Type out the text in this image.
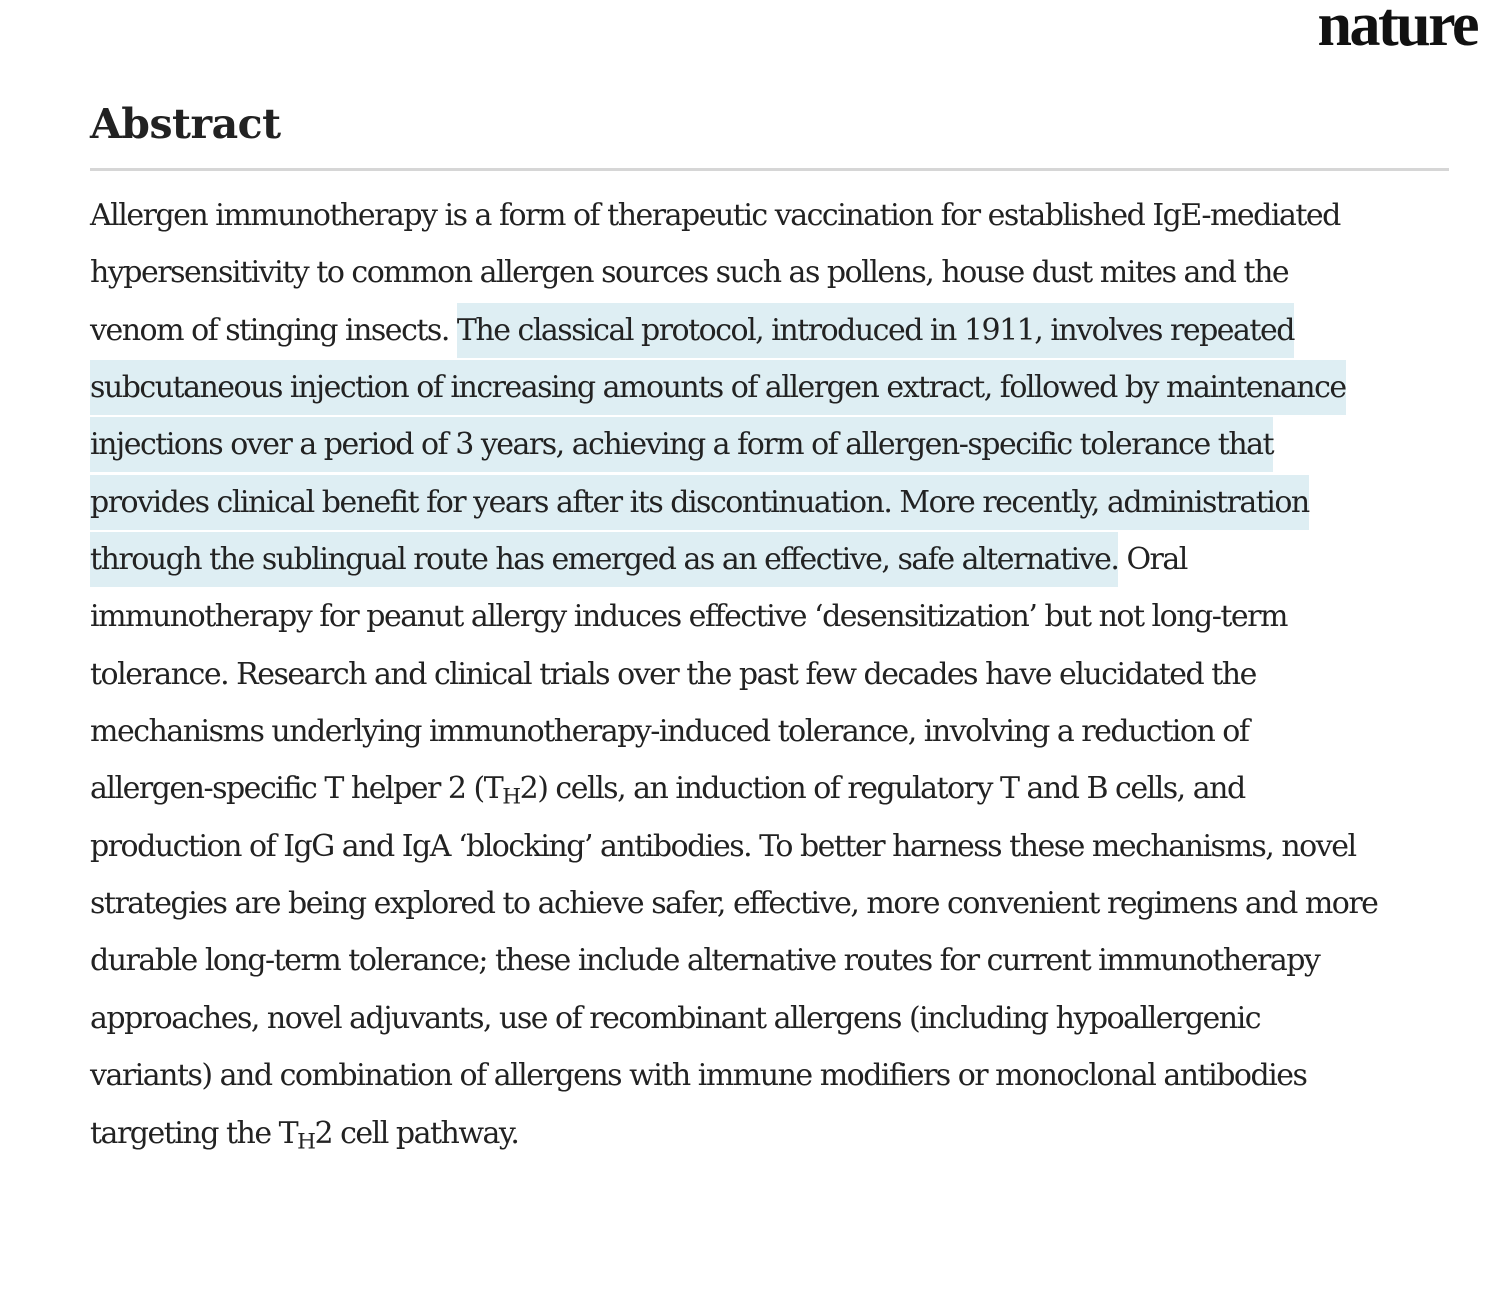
nature
Abstract

Allergen immunotherapy is a form of therapeutic vaccination for established IgE-mediated
hypersensitivity to common allergen sources such as pollens, house dust mites and the
venom of stinging insects. The classical protocol, introduced in 1911, involves repeated
subcutaneous injection of increasing amounts of allergen extract, followed by maintenance
injections over a period of 3 years, achieving a form of allergen-specific tolerance that
provides clinical benefit for years after its discontinuation. More recently, administration
through the sublingual route has emerged as an effective, safe alternative. Oral
immunotherapy for peanut allergy induces effective ‘desensitization’ but not long-term
tolerance. Research and clinical trials over the past few decades have elucidated the
mechanisms underlying immunotherapy-induced tolerance, involving a reduction of
allergen-specific T helper 2 $(T_H2)$ cells, an induction of regulatory T and B cells, and
production of IgG and IgA ‘blocking’ antibodies. To better harness these mechanisms, novel
strategies are being explored to achieve safer, effective, more convenient regimens and more
durable long-term tolerance; these include alternative routes for current immunotherapy
approaches, novel adjuvants, use of recombinant allergens (including hypoallergenic
variants) and combination of allergens with immune modifiers or monoclonal antibodies
targeting the $T_H2$ cell pathway.
